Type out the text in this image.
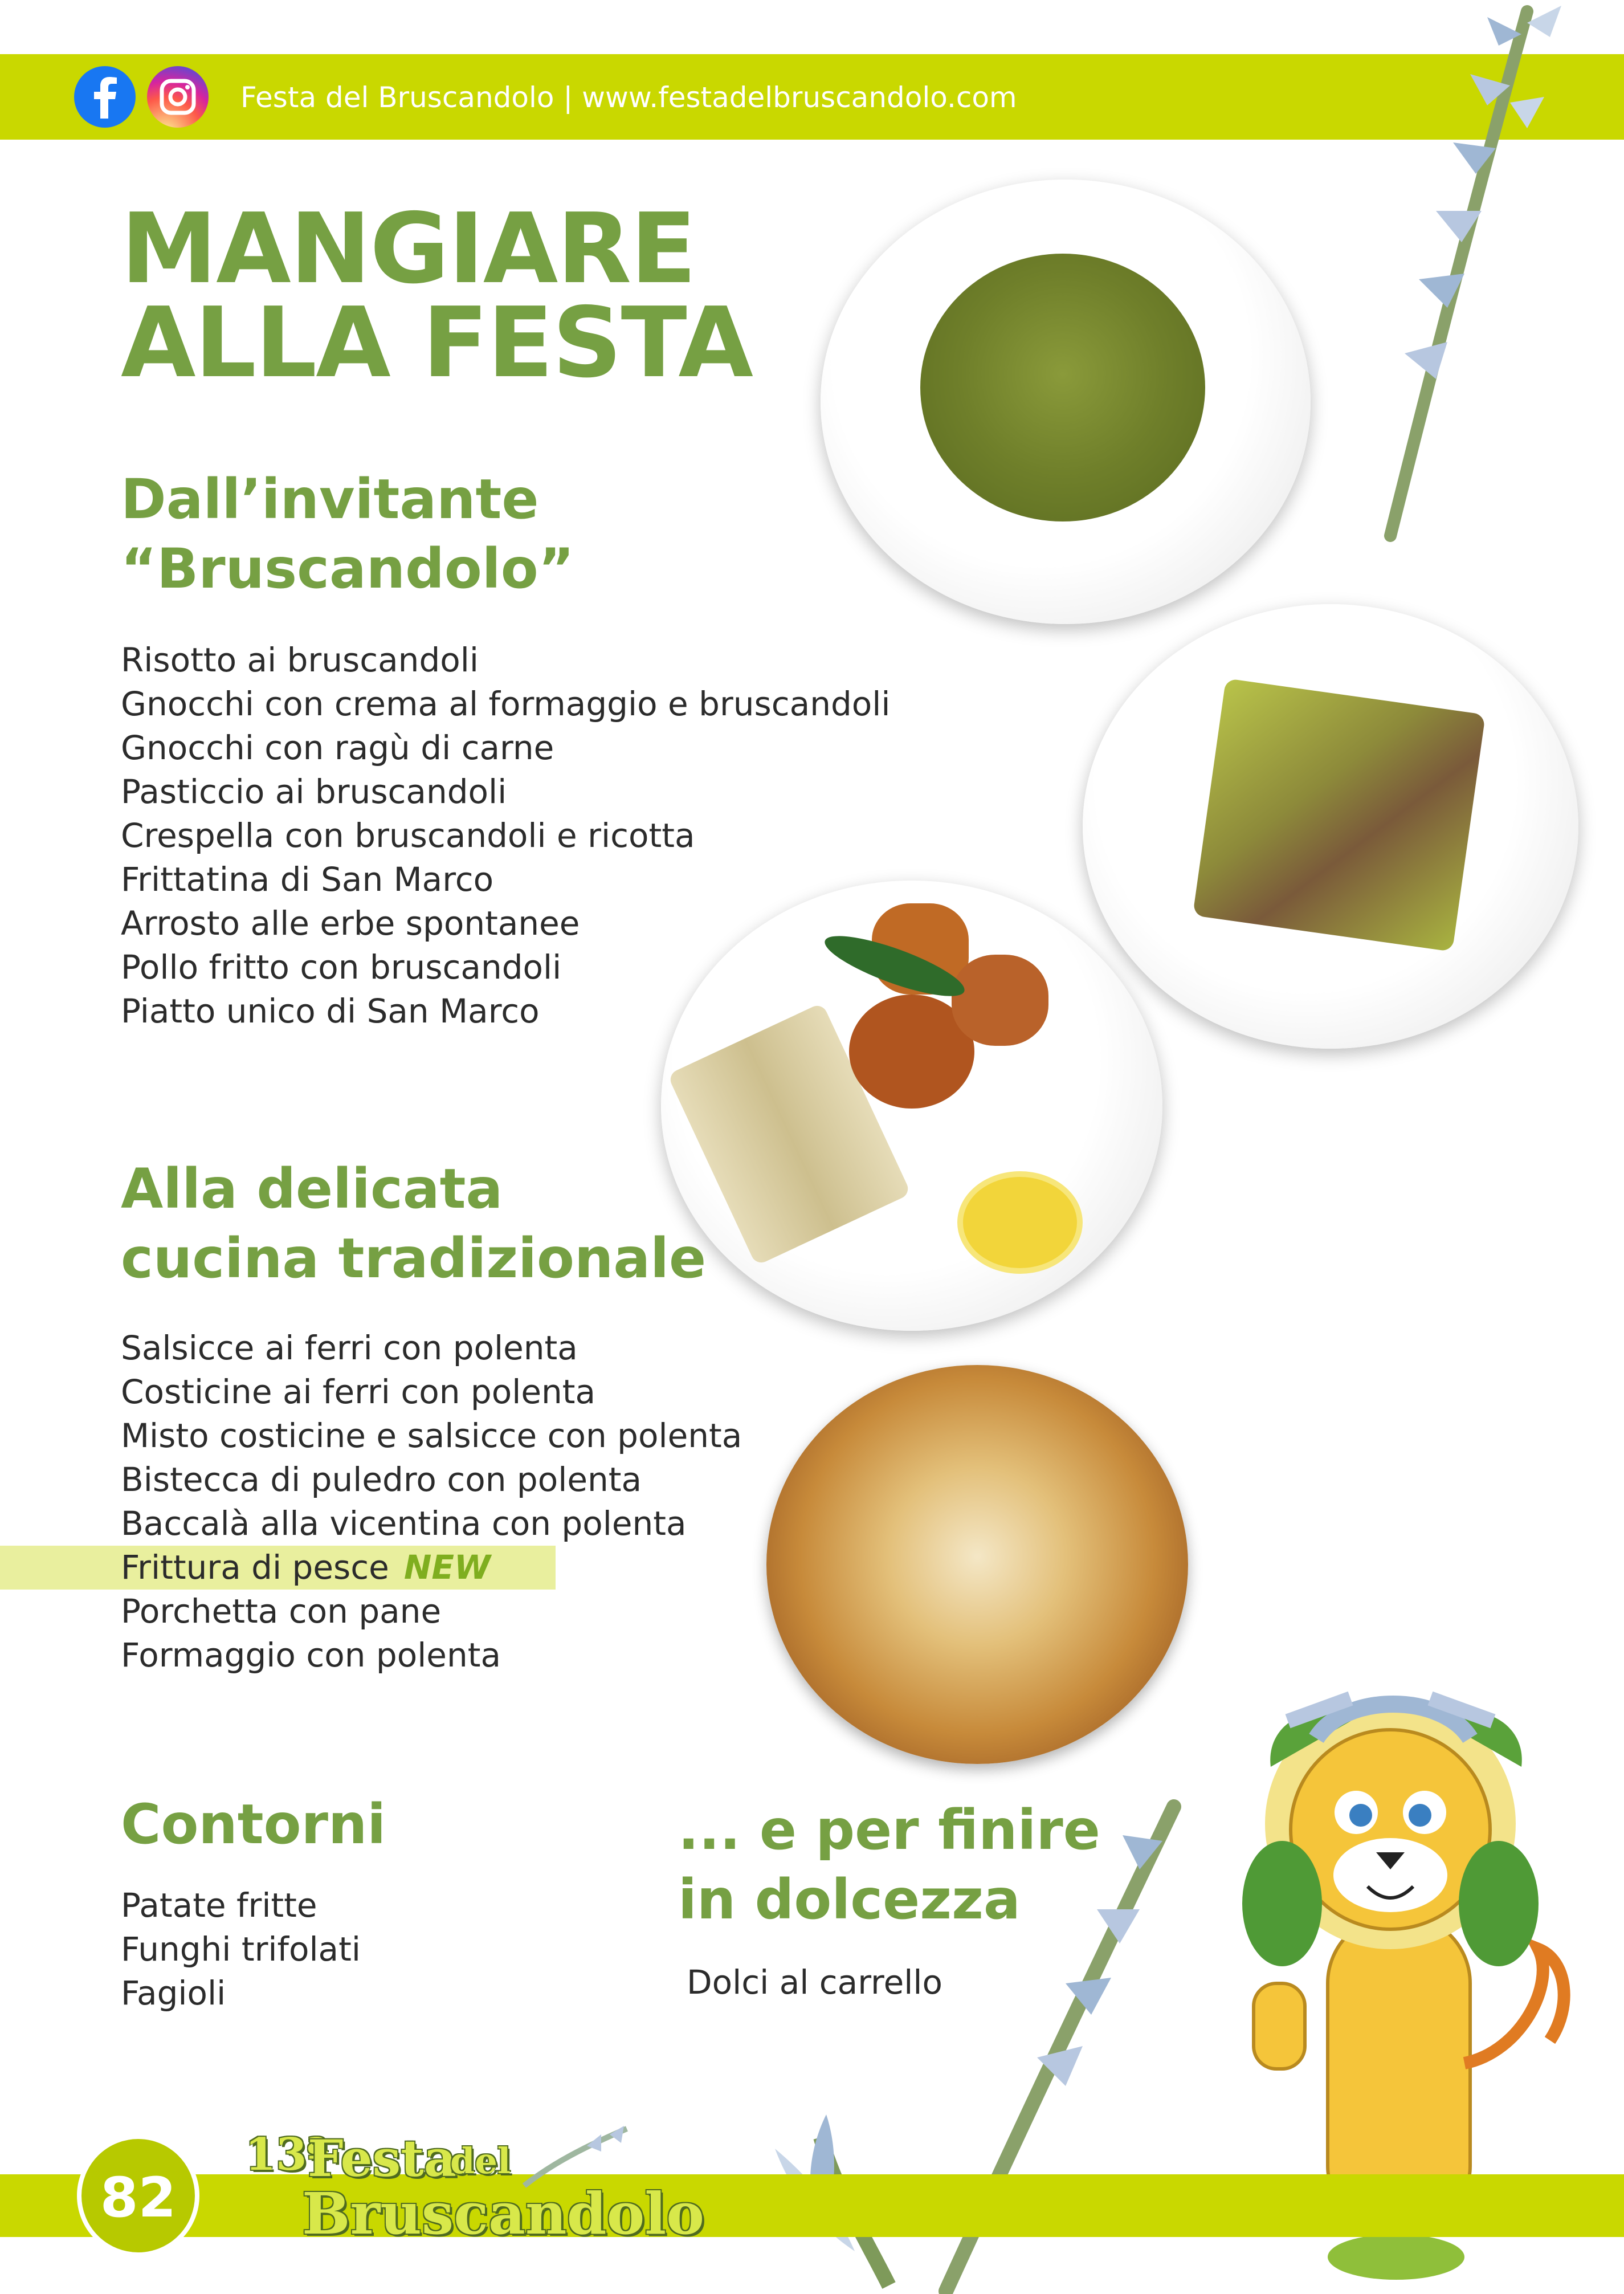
Festa del Bruscandolo | www.festadelbruscandolo.com
MANGIARE
ALLA FESTA
Dall’invitante
“Bruscandolo”
Risotto ai bruscandoli
Gnocchi con crema al formaggio e bruscandoli
Gnocchi con ragù di carne
Pasticcio ai bruscandoli
Crespella con bruscandoli e ricotta
Frittatina di San Marco
Arrosto alle erbe spontanee
Pollo fritto con bruscandoli
Piatto unico di San Marco
Alla delicata
cucina tradizionale
Salsicce ai ferri con polenta
Costicine ai ferri con polenta
Misto costicine e salsicce con polenta
Bistecca di puledro con polenta
Baccalà alla vicentina con polenta
Frittura di pesce NEW
Porchetta con pane
Formaggio con polenta
Contorni
Patate fritte
Funghi trifolati
Fagioli
... e per finire
in dolcezza
Dolci al carrello
82
13ª
Festa
del
Bruscandolo
